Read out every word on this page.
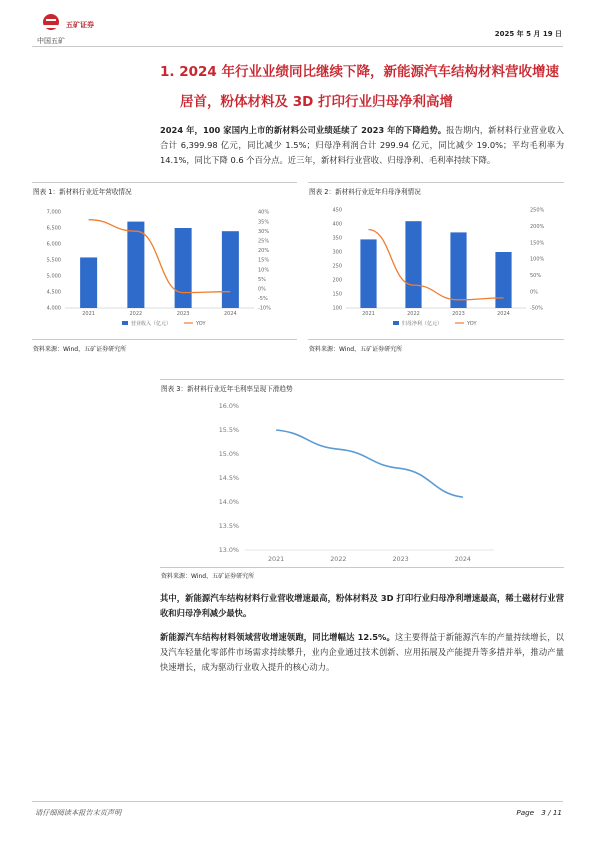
中国五矿
五矿证券
2025 年 5 月 19 日
1. 2024 年行业业绩同比继续下降，新能源汽车结构材料营收增速
居首，粉体材料及 3D 打印行业归母净利高增
2024 年，100 家国内上市的新材料公司业绩延续了 2023 年的下降趋势。报告期内，新材料行业营业收入合计 6,399.98 亿元，同比减少 1.5%；归母净利润合计 299.94 亿元，同比减少 19.0%；平均毛利率为 14.1%，同比下降 0.6 个百分点。近三年，新材料行业营收、归母净利、毛利率持续下降。
图表 1：新材料行业近年营收情况
7,000
6,500
6,000
5,500
5,000
4,500
4,000
40%
35%
30%
25%
20%
15%
10%
5%
0%
-5%
-10%
2021	2022	2023	2024
营业收入（亿元）	YOY
资料来源：Wind，五矿证券研究所
图表 2：新材料行业近年归母净利情况
450
400
350
300
250
200
150
100
250%
200%
150%
100%
50%
0%
-50%
2021	2022	2023	2024
归母净利（亿元）	YOY
资料来源：Wind，五矿证券研究所
图表 3：新材料行业近年毛利率呈现下滑趋势
16.0%
15.5%
15.0%
14.5%
14.0%
13.5%
13.0%
2021	2022	2023	2024
资料来源：Wind，五矿证券研究所
其中，新能源汽车结构材料行业营收增速最高，粉体材料及 3D 打印行业归母净利增速最高，稀土磁材行业营收和归母净利减少最快。
新能源汽车结构材料领域营收增速领跑，同比增幅达 12.5%。这主要得益于新能源汽车的产量持续增长，以及汽车轻量化零部件市场需求持续攀升，业内企业通过技术创新、应用拓展及产能提升等多措并举，推动产量快速增长，成为驱动行业收入提升的核心动力。
请仔细阅读本报告末页声明	Page　3 / 11
